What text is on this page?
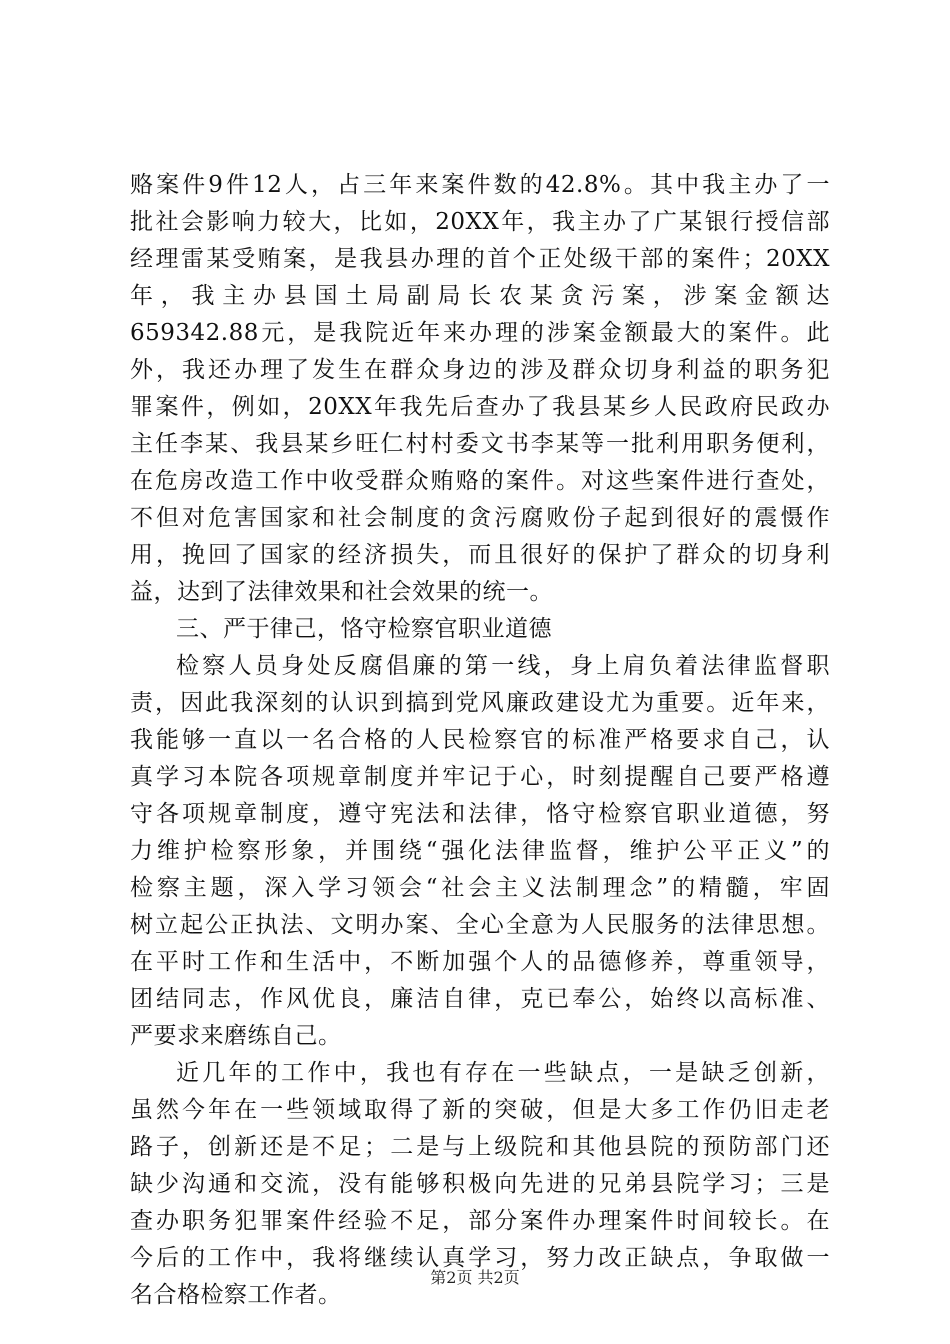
赂案件9件12人，占三年来案件数的42.8%。其中我主办了一
批社会影响力较大，比如，20XX年，我主办了广某银行授信部
经理雷某受贿案，是我县办理的首个正处级干部的案件；20XX
年，我主办县国土局副局长农某贪污案，涉案金额达
659342.88元，是我院近年来办理的涉案金额最大的案件。此
外，我还办理了发生在群众身边的涉及群众切身利益的职务犯
罪案件，例如，20XX年我先后查办了我县某乡人民政府民政办
主任李某、我县某乡旺仁村村委文书李某等一批利用职务便利，
在危房改造工作中收受群众贿赂的案件。对这些案件进行查处，
不但对危害国家和社会制度的贪污腐败份子起到很好的震慑作
用，挽回了国家的经济损失，而且很好的保护了群众的切身利
益，达到了法律效果和社会效果的统一。
三、严于律己，恪守检察官职业道德
检察人员身处反腐倡廉的第一线，身上肩负着法律监督职
责，因此我深刻的认识到搞到党风廉政建设尤为重要。近年来，
我能够一直以一名合格的人民检察官的标准严格要求自己，认
真学习本院各项规章制度并牢记于心，时刻提醒自己要严格遵
守各项规章制度，遵守宪法和法律，恪守检察官职业道德，努
力维护检察形象，并围绕“强化法律监督，维护公平正义”的
检察主题，深入学习领会“社会主义法制理念”的精髓，牢固
树立起公正执法、文明办案、全心全意为人民服务的法律思想。
在平时工作和生活中，不断加强个人的品德修养，尊重领导，
团结同志，作风优良，廉洁自律，克已奉公，始终以高标准、
严要求来磨练自己。
近几年的工作中，我也有存在一些缺点，一是缺乏创新，
虽然今年在一些领域取得了新的突破，但是大多工作仍旧走老
路子，创新还是不足；二是与上级院和其他县院的预防部门还
缺少沟通和交流，没有能够积极向先进的兄弟县院学习；三是
查办职务犯罪案件经验不足，部分案件办理案件时间较长。在
今后的工作中，我将继续认真学习，努力改正缺点，争取做一
名合格检察工作者。
第2页 共2页
